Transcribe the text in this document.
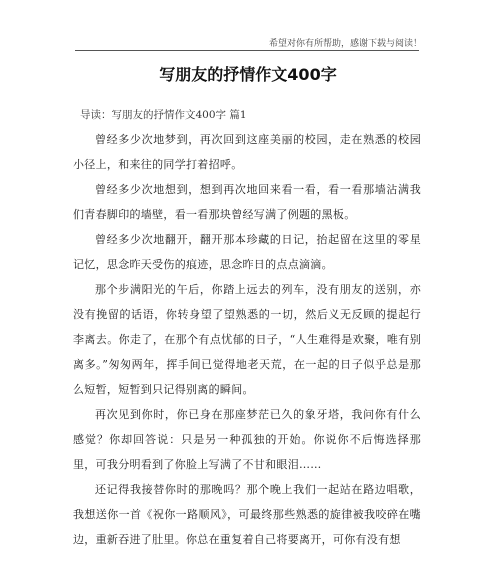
希望对你有所帮助，感谢下载与阅读！
写朋友的抒情作文400字

导读：写朋友的抒情作文400字 篇1

曾经多少次地梦到，再次回到这座美丽的校园，走在熟悉的校园小径上，和来往的同学打着招呼。

曾经多少次地想到，想到再次地回来看一看，看一看那墙沾满我们青春脚印的墙壁，看一看那块曾经写满了例题的黑板。

曾经多少次地翻开，翻开那本珍藏的日记，抬起留在这里的零星记忆，思念昨天受伤的痕迹，思念昨日的点点滴滴。

那个步满阳光的午后，你踏上远去的列车，没有朋友的送别，亦没有挽留的话语，你转身望了望熟悉的一切，然后义无反顾的提起行李离去。你走了，在那个有点忧郁的日子，“人生难得是欢聚，唯有别离多。”匆匆两年，挥手间已觉得地老天荒，在一起的日子似乎总是那么短暂，短暂到只记得别离的瞬间。

再次见到你时，你已身在那座梦茫已久的象牙塔，我问你有什么感觉？你却回答说：只是另一种孤独的开始。你说你不后悔选择那里，可我分明看到了你脸上写满了不甘和眼泪……

还记得我接替你时的那晚吗？那个晚上我们一起站在路边唱歌，我想送你一首《祝你一路顺风》，可最终那些熟悉的旋律被我咬碎在嘴边，重新吞进了肚里。你总在重复着自己将要离开，可你有没有想
